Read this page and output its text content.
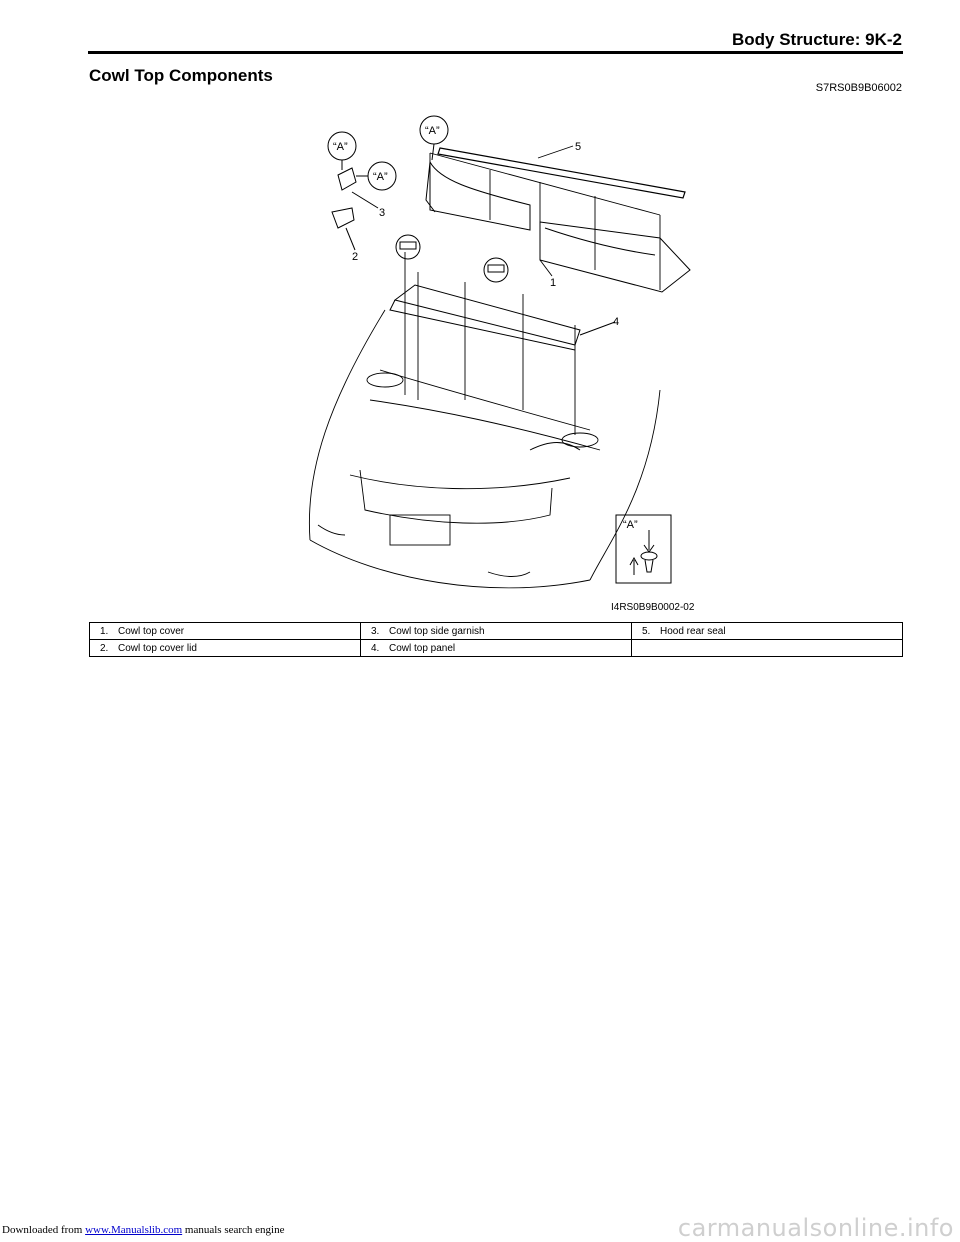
Body Structure: 9K-2
Cowl Top Components
S7RS0B9B06002
“A”
“A”
“A”
“A”
1
2
3
4
5
I4RS0B9B0002-02
1. Cowl top cover	3. Cowl top side garnish	5. Hood rear seal
2. Cowl top cover lid	4. Cowl top panel	
Downloaded from www.Manualslib.com manuals search engine	carmanualsonline.info
